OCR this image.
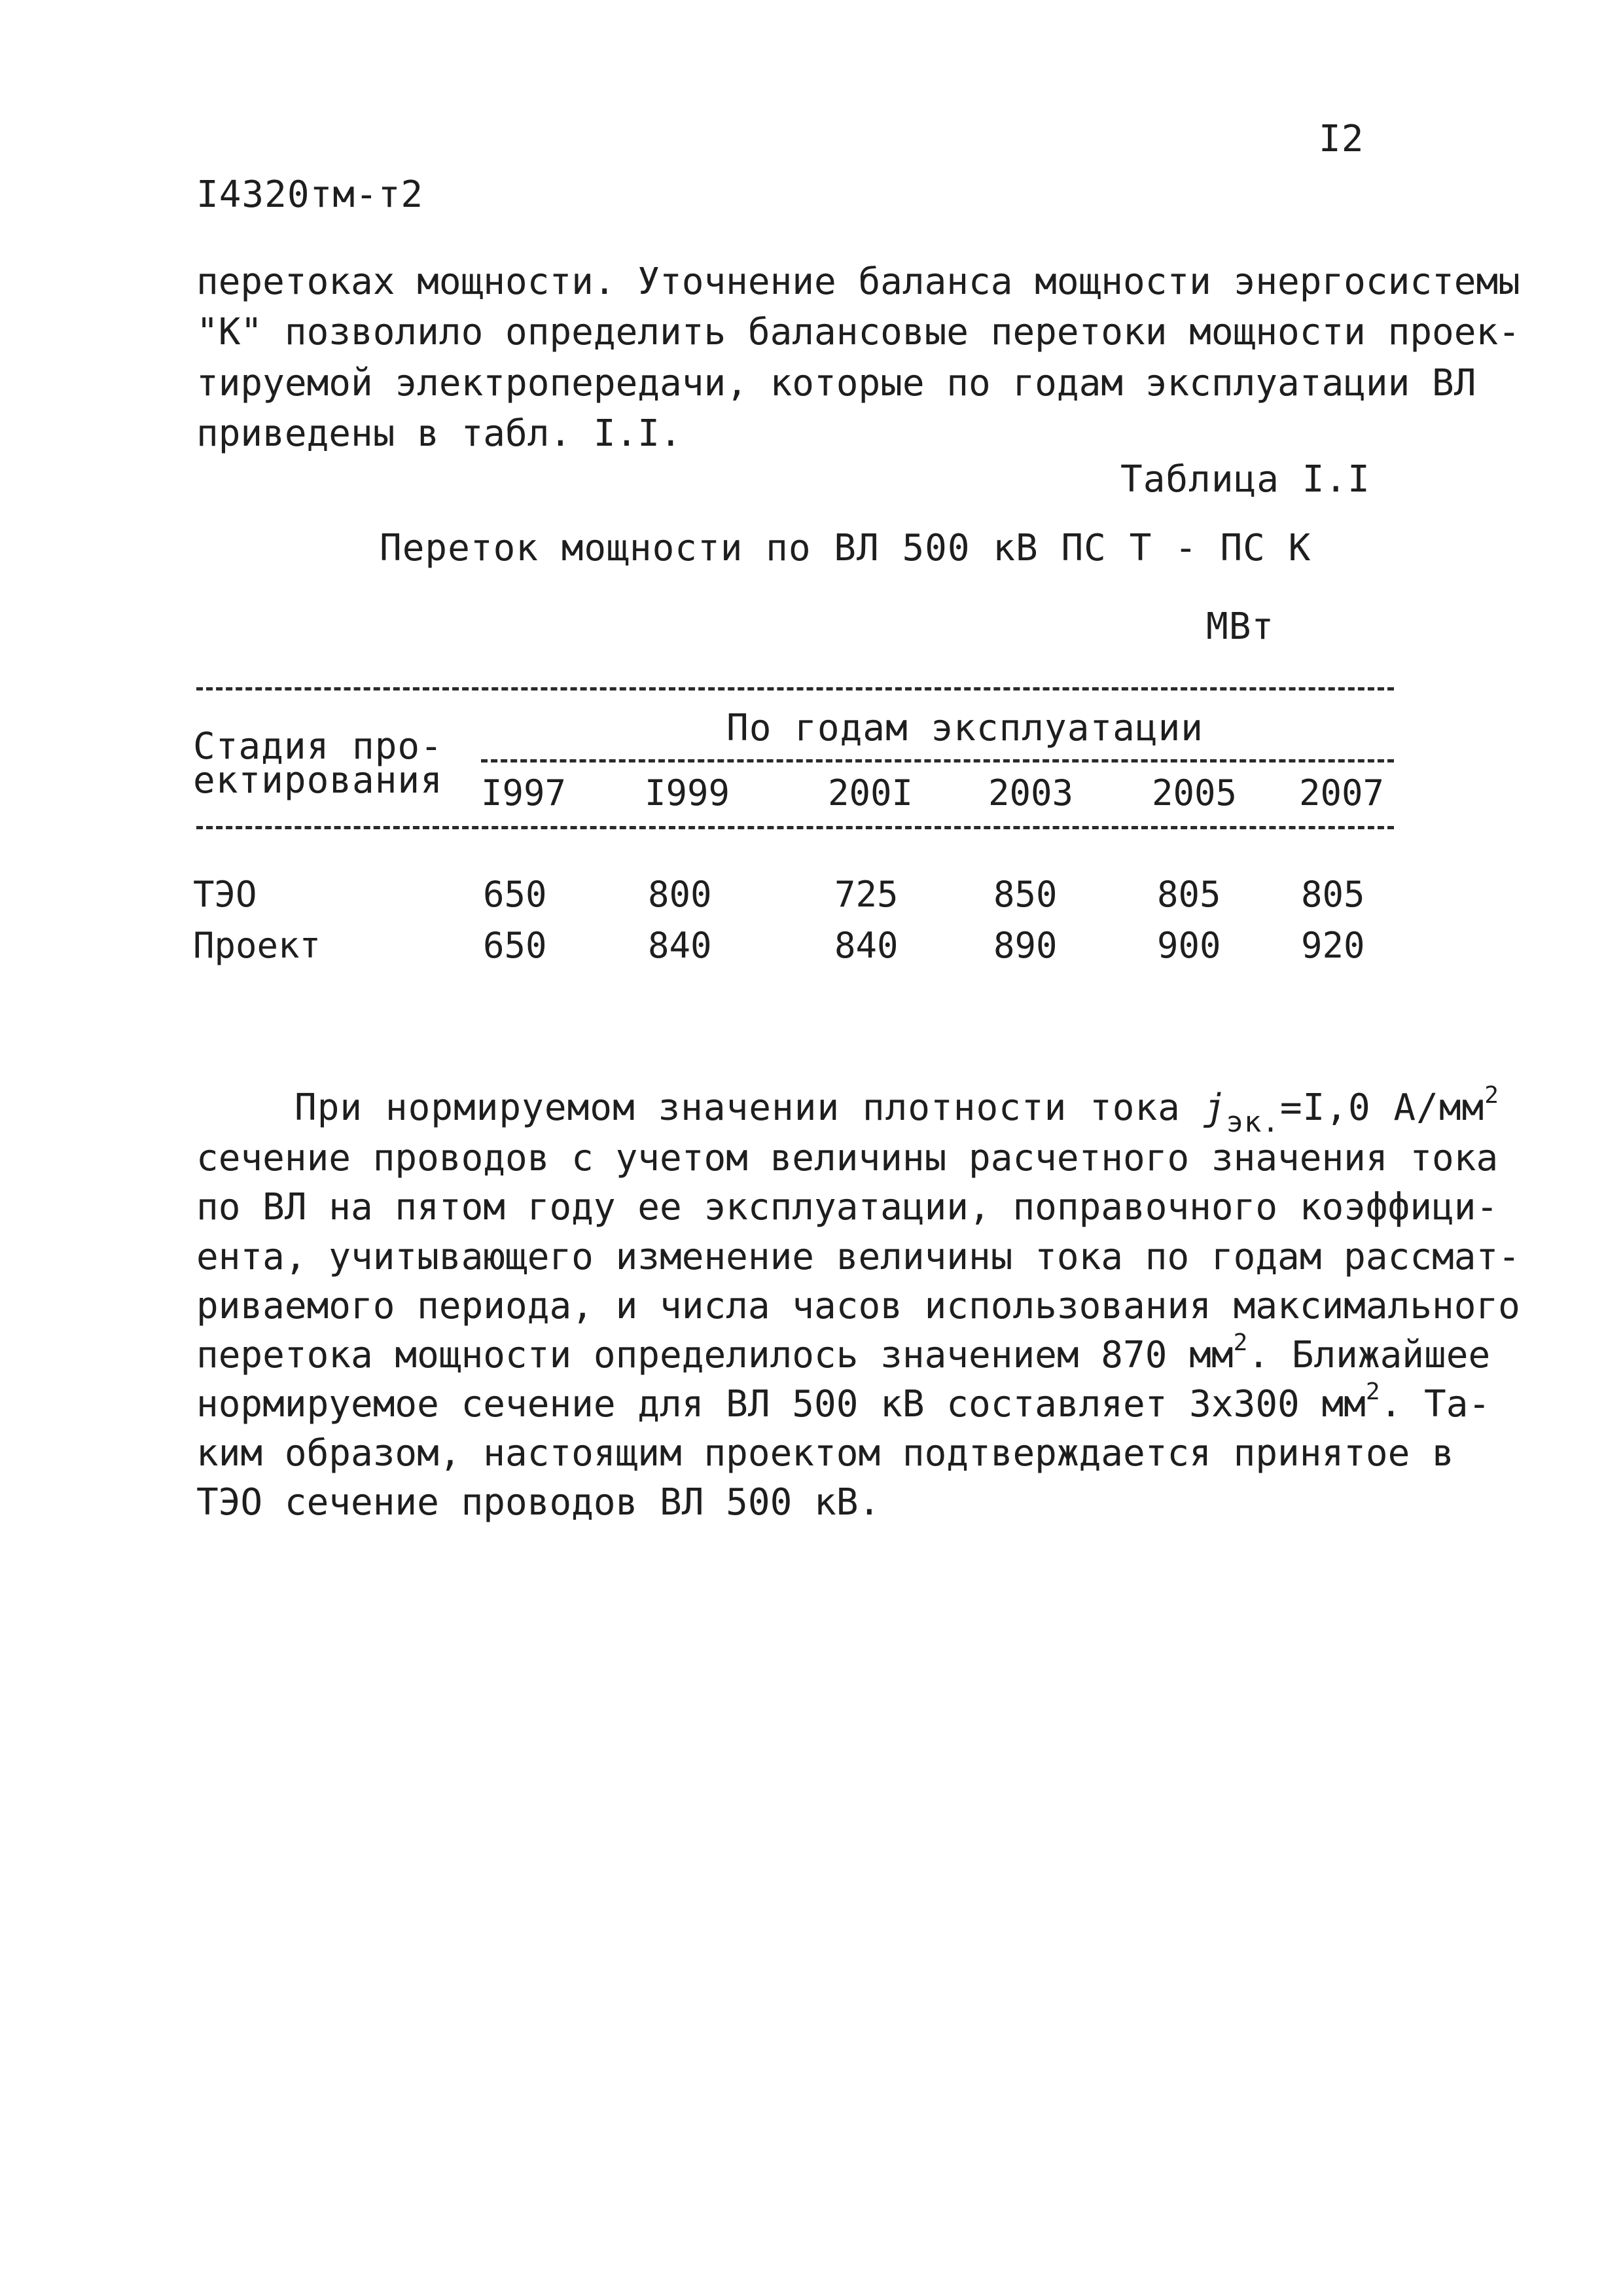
I2
I4320тм-т2
перетоках мощности. Уточнение баланса мощности энергосистемы
"К" позволило определить балансовые перетоки мощности проек-
тируемой электропередачи, которые по годам эксплуатации ВЛ
приведены в табл. I.I.
Таблица I.I
Переток мощности по ВЛ 500 кВ ПС Т - ПС К
МВт
Стадия про-
ектирования
По годам эксплуатации
I997 I999	200I 2003 2005 2007
ТЭО	650	800	725	850	805 805
Проект	650	840	840	890	900 920
При нормируемом значении плотности тока $j_{эк.}=I,0$ $А/мм^2$
сечение проводов с учетом величины расчетного значения тока
по ВЛ на пятом году ее эксплуатации, поправочного коэффици-
ента, учитывающего изменение величины тока по годам рассмат-
риваемого периода, и числа часов использования максимального
перетока мощности определилось значением 870 $мм^2$. Ближайшее
нормируемое сечение для ВЛ 500 кВ составляет 3х300 $мм^2$. Та-
ким образом, настоящим проектом подтверждается принятое в
ТЭО сечение проводов ВЛ 500 кВ.
